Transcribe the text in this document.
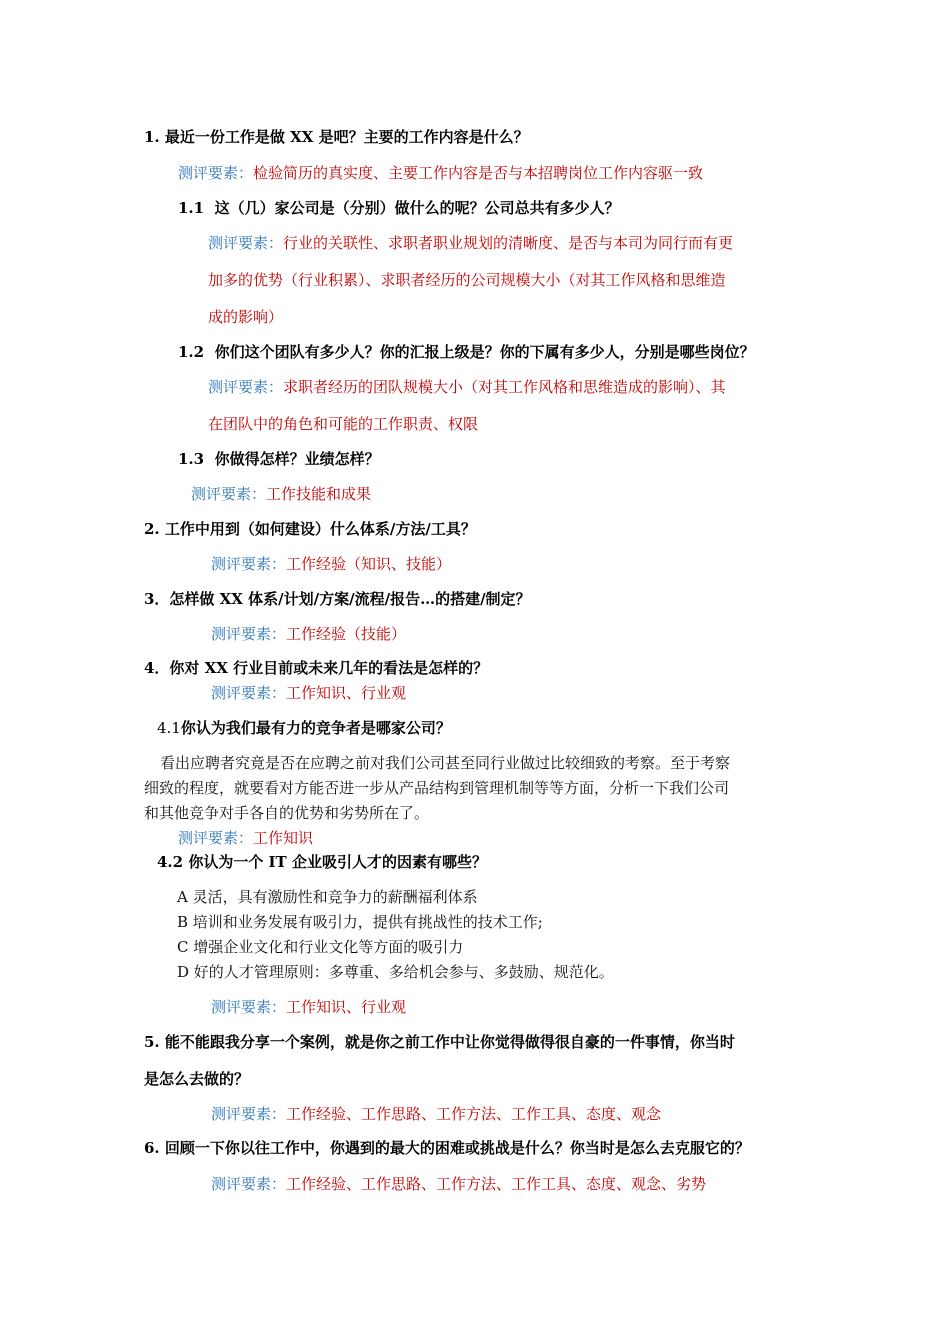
1. 最近一份工作是做 XX 是吧？主要的工作内容是什么？
测评要素：检验简历的真实度、主要工作内容是否与本招聘岗位工作内容驱一致
1.1 这（几）家公司是（分别）做什么的呢？公司总共有多少人？
测评要素：行业的关联性、求职者职业规划的清晰度、是否与本司为同行而有更
加多的优势（行业积累）、求职者经历的公司规模大小（对其工作风格和思维造
成的影响）
1.2 你们这个团队有多少人？你的汇报上级是？你的下属有多少人，分别是哪些岗位？
测评要素：求职者经历的团队规模大小（对其工作风格和思维造成的影响）、其
在团队中的角色和可能的工作职责、权限
1.3 你做得怎样？业绩怎样？
测评要素：工作技能和成果
2. 工作中用到（如何建设）什么体系/方法/工具？
测评要素：工作经验（知识、技能）
3．怎样做 XX 体系/计划/方案/流程/报告…的搭建/制定？
测评要素：工作经验（技能）
4．你对 XX 行业目前或未来几年的看法是怎样的？
测评要素：工作知识、行业观
4.1你认为我们最有力的竞争者是哪家公司？
看出应聘者究竟是否在应聘之前对我们公司甚至同行业做过比较细致的考察。至于考察
细致的程度，就要看对方能否进一步从产品结构到管理机制等等方面，分析一下我们公司
和其他竞争对手各自的优势和劣势所在了。
测评要素：工作知识
4.2 你认为一个 IT 企业吸引人才的因素有哪些？
A 灵活，具有激励性和竞争力的薪酬福利体系
B 培训和业务发展有吸引力，提供有挑战性的技术工作;
C 增强企业文化和行业文化等方面的吸引力
D 好的人才管理原则：多尊重、多给机会参与、多鼓励、规范化。
测评要素：工作知识、行业观
5. 能不能跟我分享一个案例，就是你之前工作中让你觉得做得很自豪的一件事情，你当时
是怎么去做的？
测评要素：工作经验、工作思路、工作方法、工作工具、态度、观念
6. 回顾一下你以往工作中，你遇到的最大的困难或挑战是什么？你当时是怎么去克服它的？
测评要素：工作经验、工作思路、工作方法、工作工具、态度、观念、劣势
